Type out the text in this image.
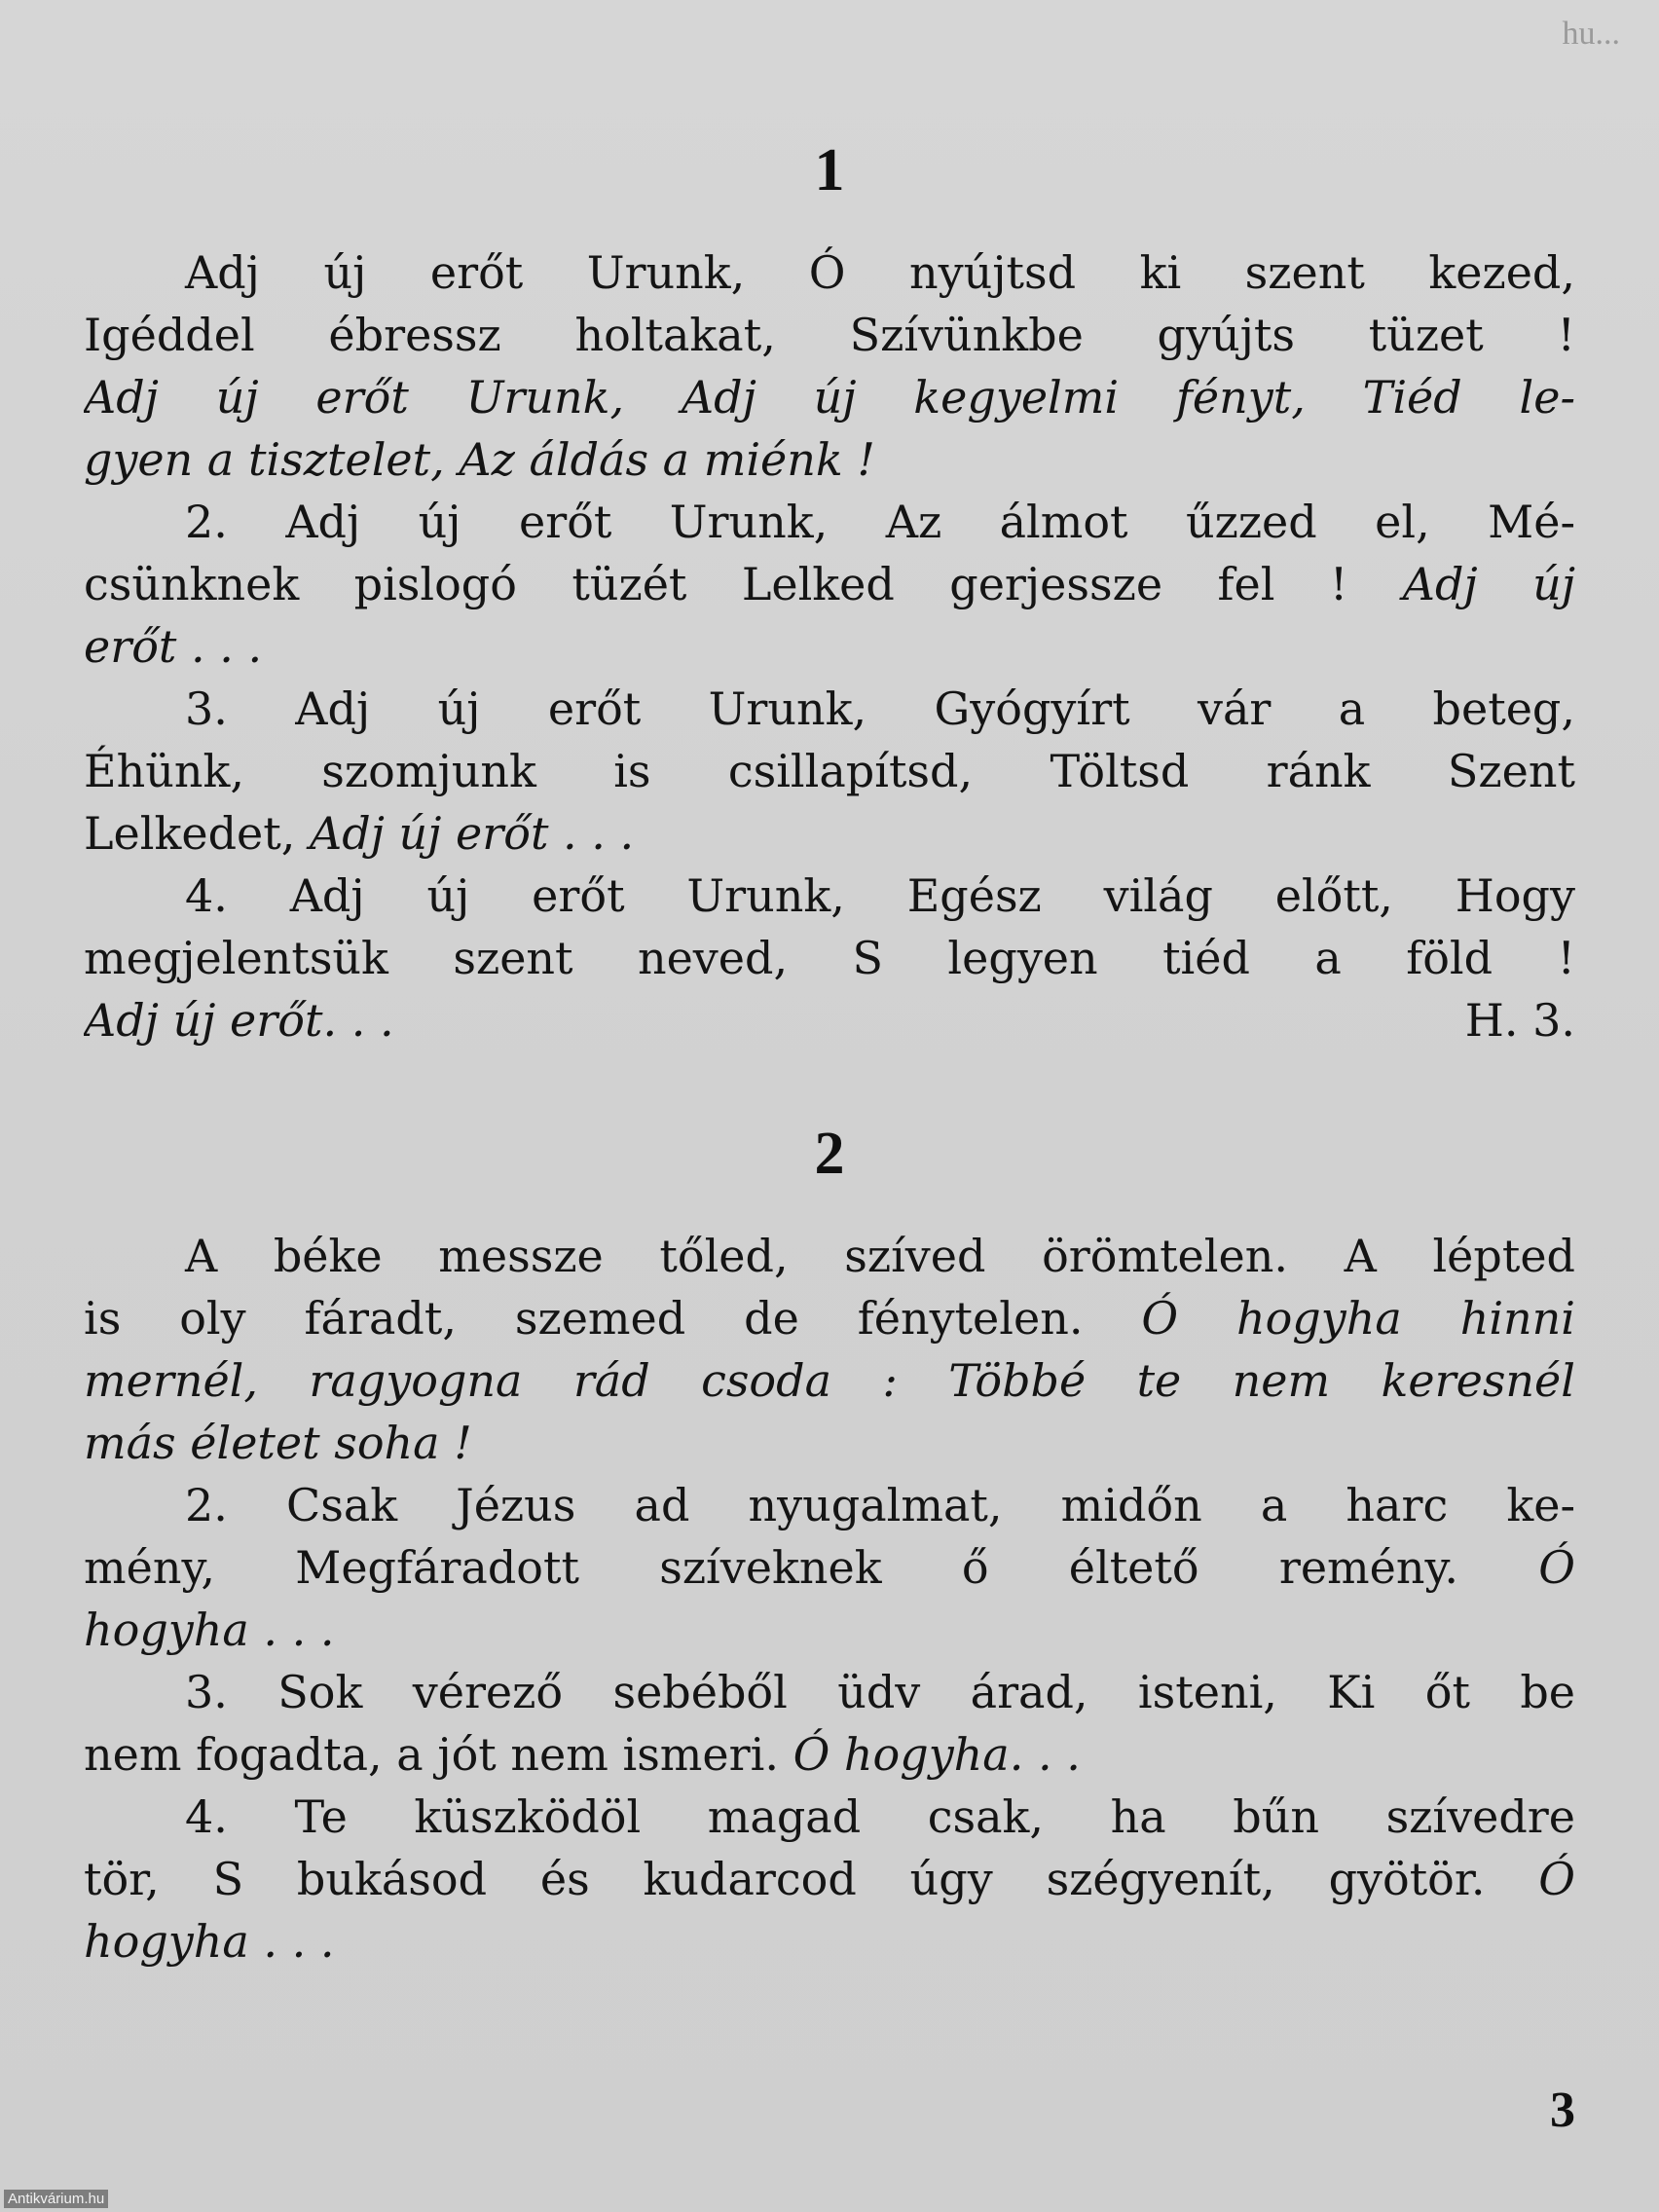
hu...
1
Adj új erőt Urunk, Ó nyújtsd ki szent kezed,
Igéddel ébressz holtakat, Szívünkbe gyújts tüzet !
Adj új erőt Urunk, Adj új kegyelmi fényt, Tiéd le-
gyen a tisztelet, Az áldás a miénk !
2. Adj új erőt Urunk, Az álmot űzzed el, Mé-
csünknek pislogó tüzét Lelked gerjessze fel ! Adj új
erőt . . .
3. Adj új erőt Urunk, Gyógyírt vár a beteg,
Éhünk, szomjunk is csillapítsd, Töltsd ránk Szent
Lelkedet, Adj új erőt . . .
4. Adj új erőt Urunk, Egész világ előtt, Hogy
megjelentsük szent neved, S legyen tiéd a föld !
Adj új erőt. . .	H. 3.
2
A béke messze tőled, szíved örömtelen. A lépted
is oly fáradt, szemed de fénytelen. Ó hogyha hinni
mernél, ragyogna rád csoda : Többé te nem keresnél
más életet soha !
2. Csak Jézus ad nyugalmat, midőn a harc ke-
mény, Megfáradott szíveknek ő éltető remény. Ó
hogyha . . .
3. Sok vérező sebéből üdv árad, isteni, Ki őt be
nem fogadta, a jót nem ismeri. Ó hogyha. . .
4. Te küszködöl magad csak, ha bűn szívedre
tör, S bukásod és kudarcod úgy szégyenít, gyötör. Ó
hogyha . . .
3
Antikvárium.hu
